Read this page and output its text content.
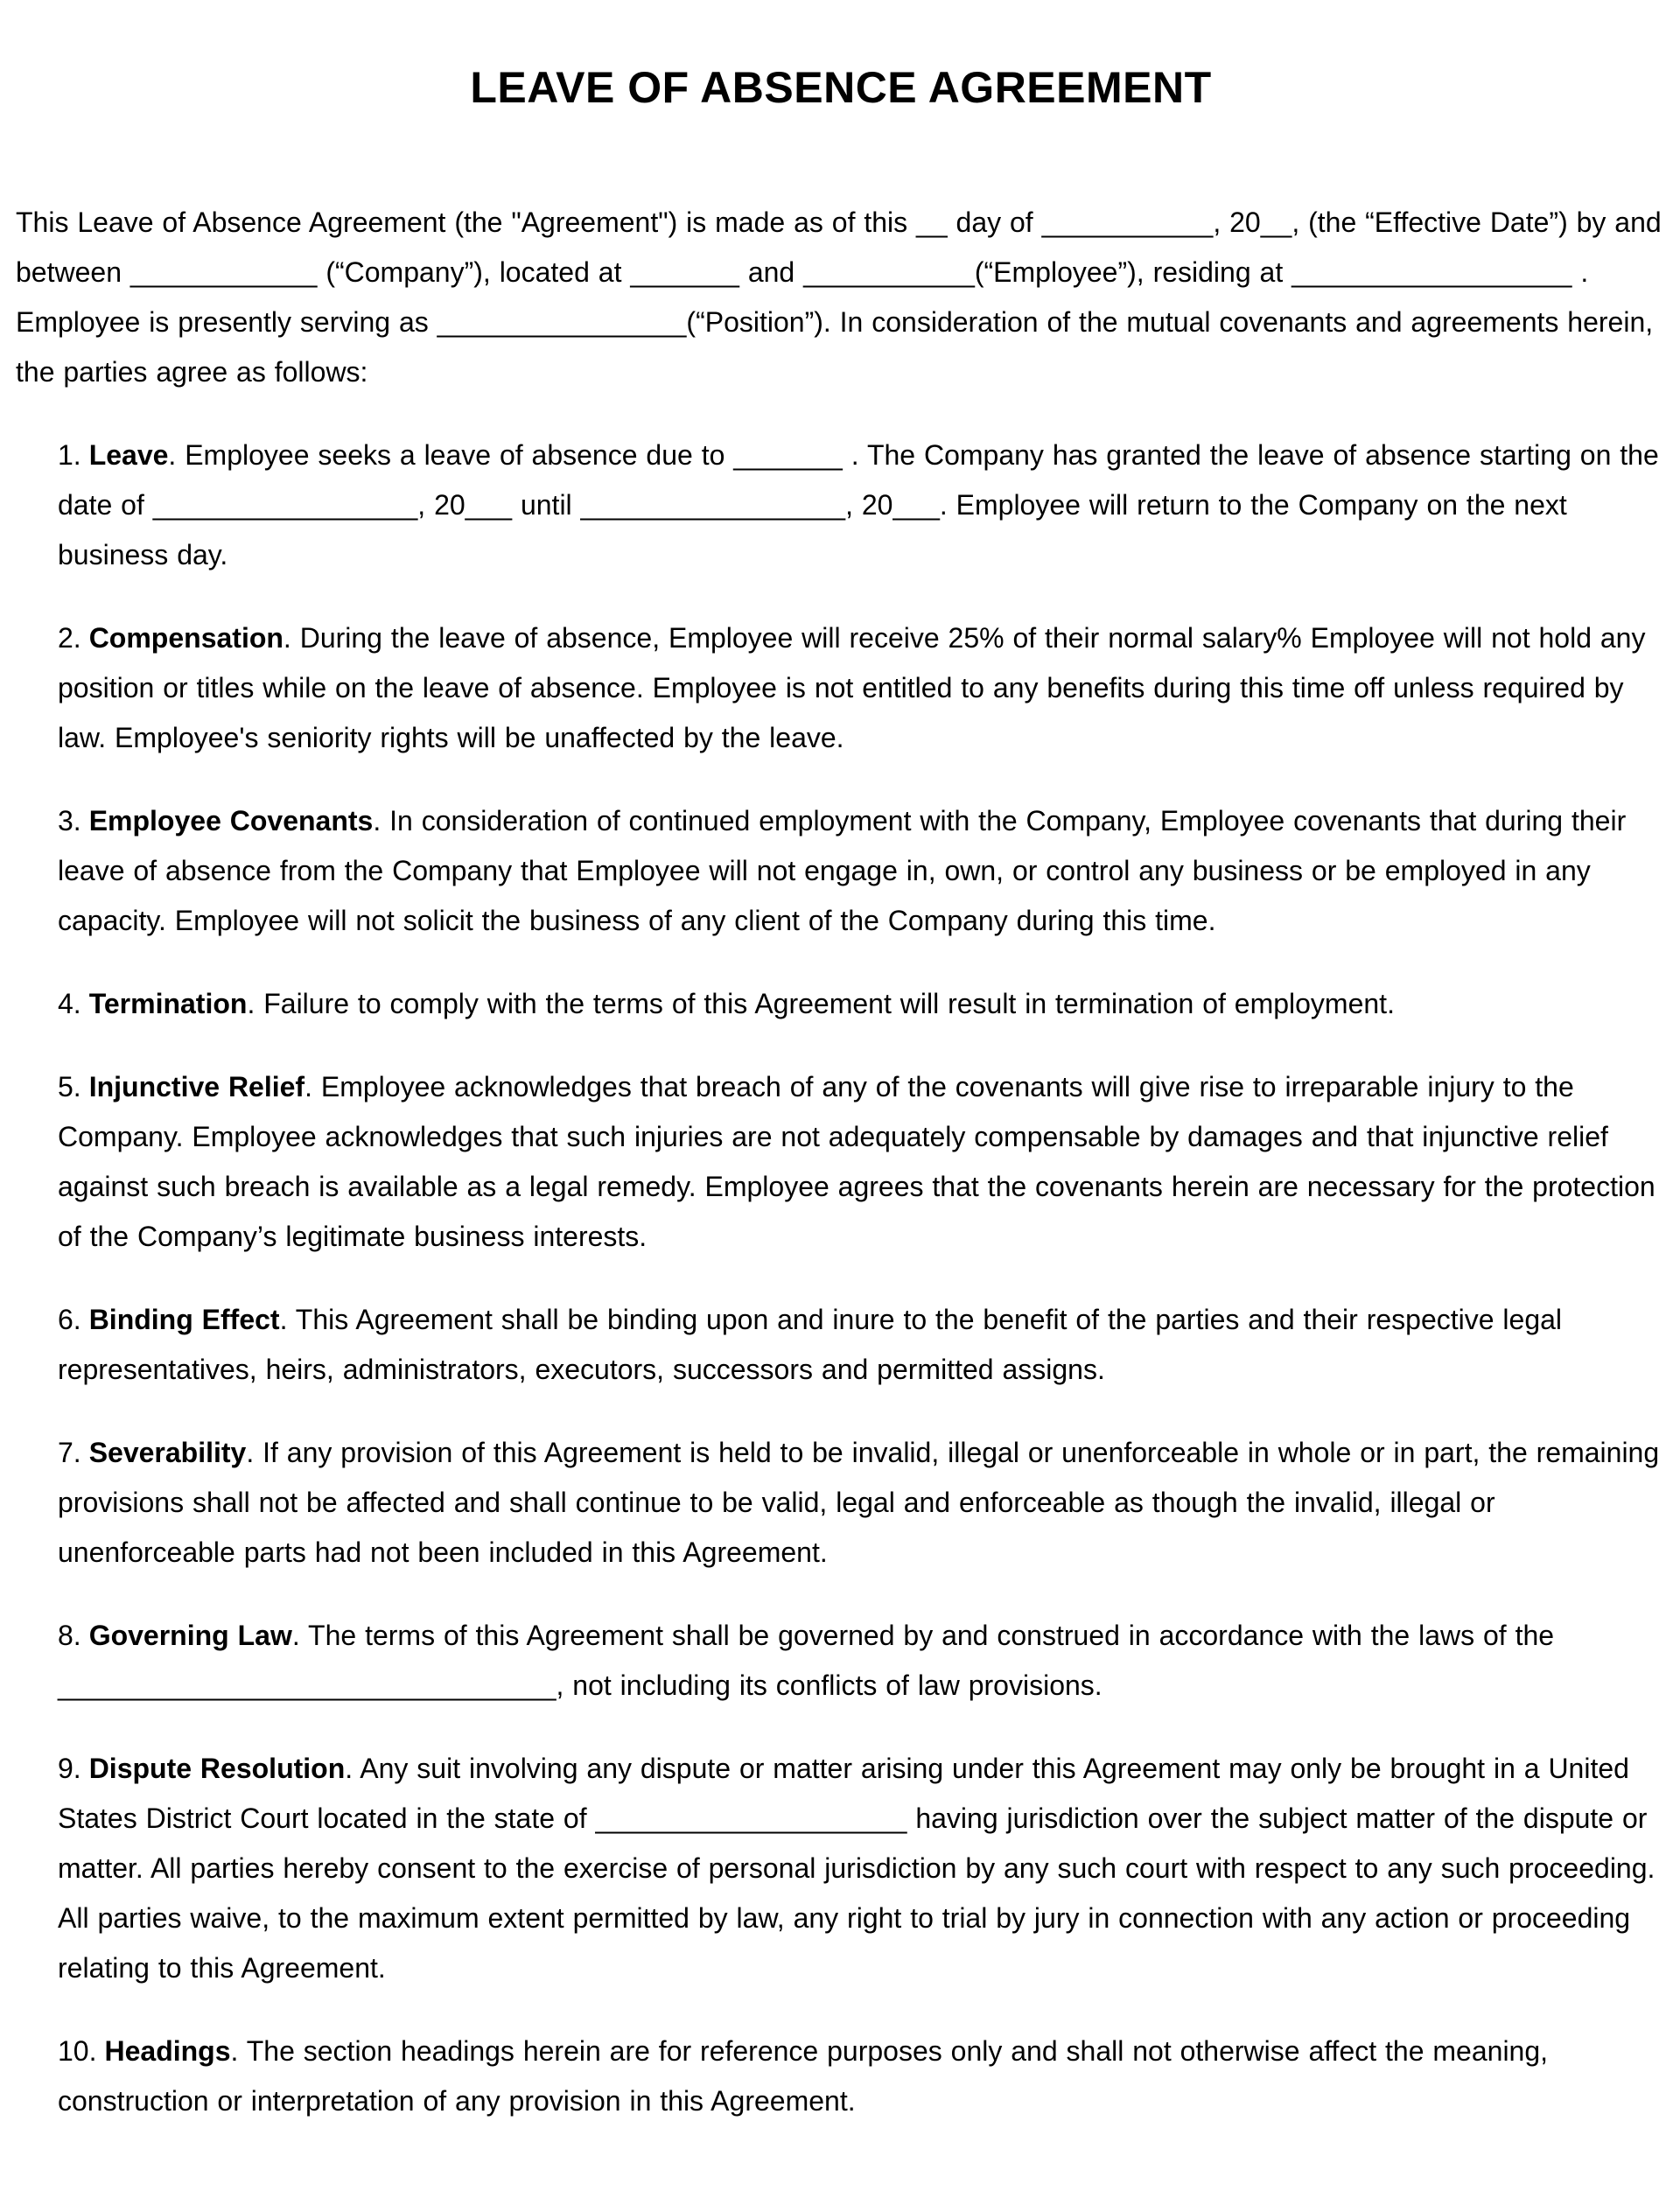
LEAVE OF ABSENCE AGREEMENT

This Leave of Absence Agreement (the "Agreement") is made as of this __ day of ___________, 20__, (the “Effective Date”) by and between ____________ (“Company”), located at _______ and ___________(“Employee”), residing at __________________ . Employee is presently serving as ________________(“Position”). In consideration of the mutual covenants and agreements herein, the parties agree as follows:

1. Leave. Employee seeks a leave of absence due to _______ . The Company has granted the leave of absence starting on the date of _________________, 20___ until _________________, 20___. Employee will return to the Company on the next business day.

2. Compensation. During the leave of absence, Employee will receive 25% of their normal salary% Employee will not hold any position or titles while on the leave of absence. Employee is not entitled to any benefits during this time off unless required by law. Employee's seniority rights will be unaffected by the leave.

3. Employee Covenants. In consideration of continued employment with the Company, Employee covenants that during their leave of absence from the Company that Employee will not engage in, own, or control any business or be employed in any capacity. Employee will not solicit the business of any client of the Company during this time.

4. Termination. Failure to comply with the terms of this Agreement will result in termination of employment.

5. Injunctive Relief. Employee acknowledges that breach of any of the covenants will give rise to irreparable injury to the Company. Employee acknowledges that such injuries are not adequately compensable by damages and that injunctive relief against such breach is available as a legal remedy. Employee agrees that the covenants herein are necessary for the protection of the Company’s legitimate business interests.

6. Binding Effect. This Agreement shall be binding upon and inure to the benefit of the parties and their respective legal representatives, heirs, administrators, executors, successors and permitted assigns.

7. Severability. If any provision of this Agreement is held to be invalid, illegal or unenforceable in whole or in part, the remaining provisions shall not be affected and shall continue to be valid, legal and enforceable as though the invalid, illegal or unenforceable parts had not been included in this Agreement.

8. Governing Law. The terms of this Agreement shall be governed by and construed in accordance with the laws of the ________________________________, not including its conflicts of law provisions.

9. Dispute Resolution. Any suit involving any dispute or matter arising under this Agreement may only be brought in a United States District Court located in the state of ____________________ having jurisdiction over the subject matter of the dispute or matter. All parties hereby consent to the exercise of personal jurisdiction by any such court with respect to any such proceeding. All parties waive, to the maximum extent permitted by law, any right to trial by jury in connection with any action or proceeding relating to this Agreement.

10. Headings. The section headings herein are for reference purposes only and shall not otherwise affect the meaning, construction or interpretation of any provision in this Agreement.
